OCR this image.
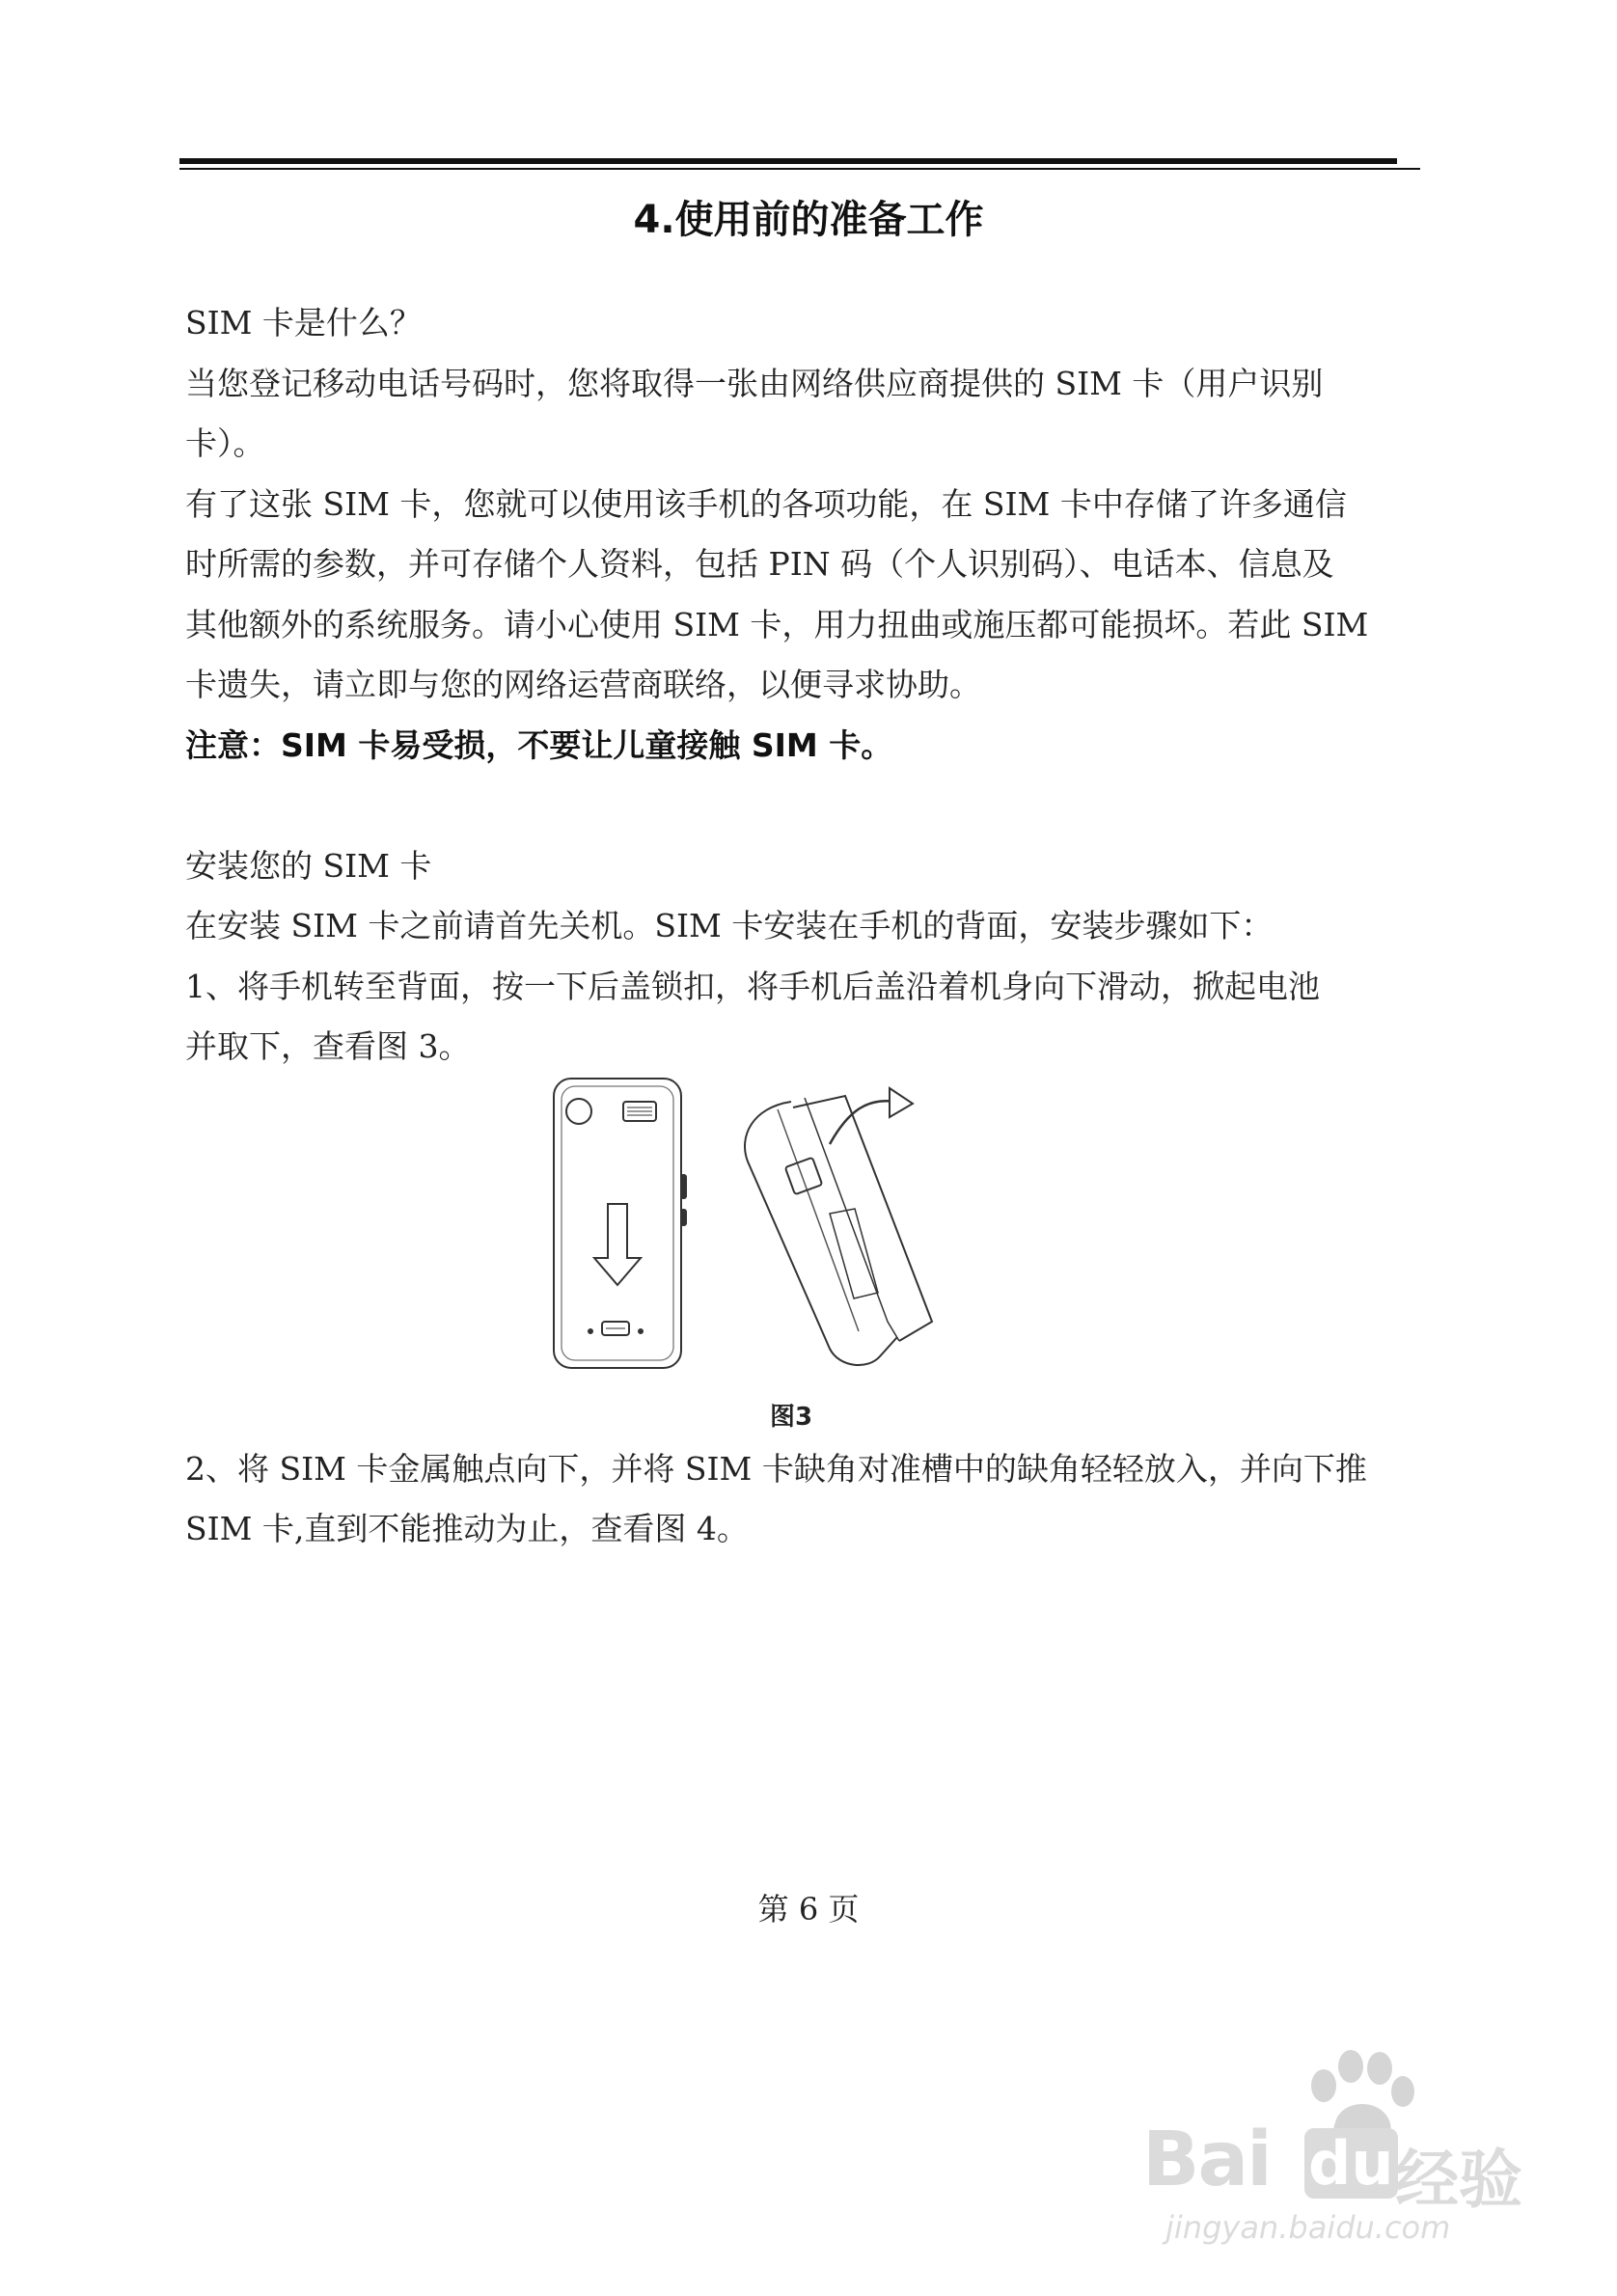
4.使用前的准备工作
SIM 卡是什么？
当您登记移动电话号码时，您将取得一张由网络供应商提供的 SIM 卡（用户识别
卡）。
有了这张 SIM 卡，您就可以使用该手机的各项功能，在 SIM 卡中存储了许多通信
时所需的参数，并可存储个人资料，包括 PIN 码（个人识别码）、电话本、信息及
其他额外的系统服务。请小心使用 SIM 卡，用力扭曲或施压都可能损坏。若此 SIM
卡遗失，请立即与您的网络运营商联络，以便寻求协助。
注意：SIM 卡易受损，不要让儿童接触 SIM 卡。
安装您的 SIM 卡
在安装 SIM 卡之前请首先关机。SIM 卡安装在手机的背面，安装步骤如下：
1、将手机转至背面，按一下后盖锁扣，将手机后盖沿着机身向下滑动，掀起电池
并取下，查看图 3。
图3
2、将 SIM 卡金属触点向下，并将 SIM 卡缺角对准槽中的缺角轻轻放入，并向下推
SIM 卡,直到不能推动为止，查看图 4。
第 6 页
Bai du 经验
jingyan.baidu.com
